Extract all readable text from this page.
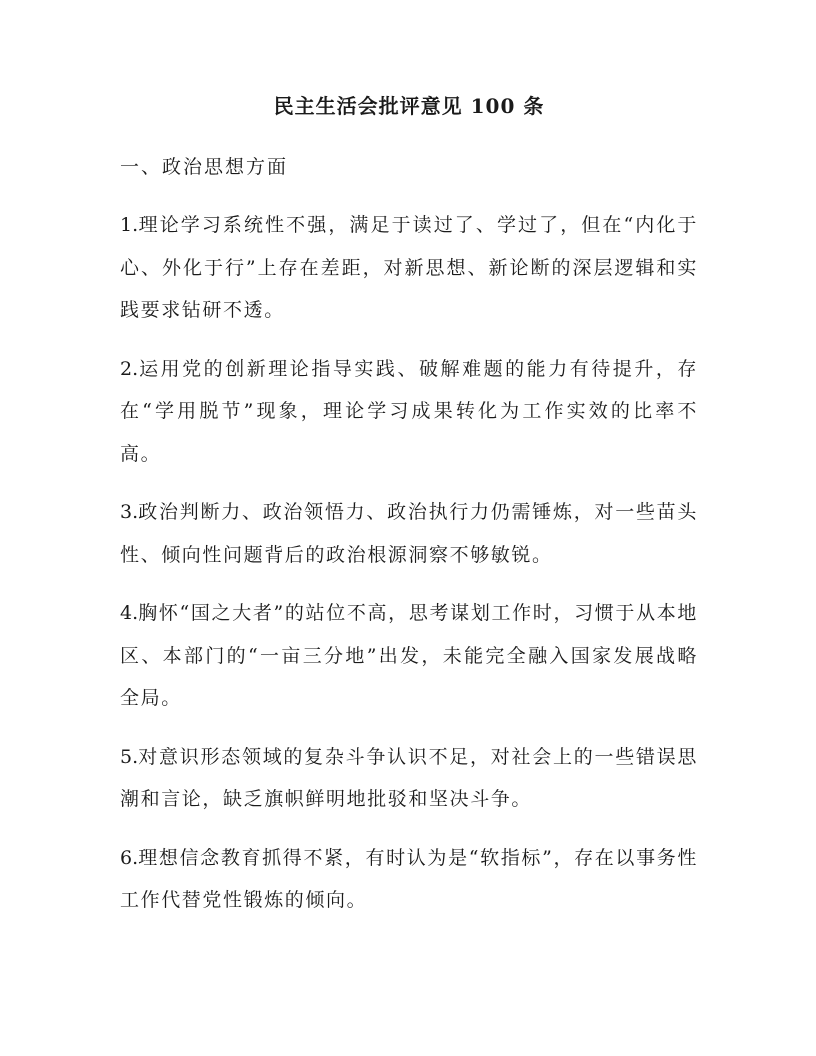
民主生活会批评意见 100 条

一、政治思想方面

1.理论学习系统性不强，满足于读过了、学过了，但在“内化于心、外化于行”上存在差距，对新思想、新论断的深层逻辑和实践要求钻研不透。

2.运用党的创新理论指导实践、破解难题的能力有待提升，存在“学用脱节”现象，理论学习成果转化为工作实效的比率不高。

3.政治判断力、政治领悟力、政治执行力仍需锤炼，对一些苗头性、倾向性问题背后的政治根源洞察不够敏锐。

4.胸怀“国之大者”的站位不高，思考谋划工作时，习惯于从本地区、本部门的“一亩三分地”出发，未能完全融入国家发展战略全局。

5.对意识形态领域的复杂斗争认识不足，对社会上的一些错误思潮和言论，缺乏旗帜鲜明地批驳和坚决斗争。

6.理想信念教育抓得不紧，有时认为是“软指标”，存在以事务性工作代替党性锻炼的倾向。
